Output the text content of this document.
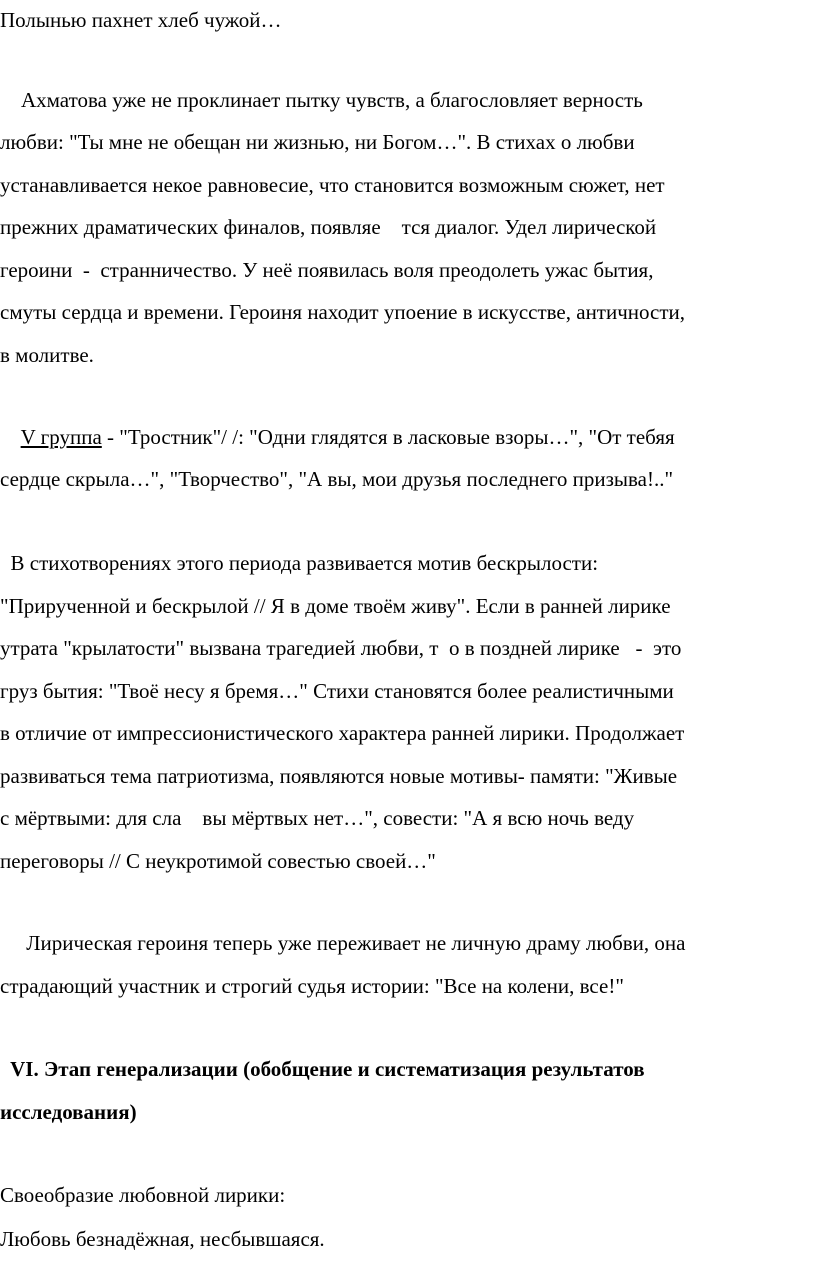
Полынью пахнет хлеб чужой…
Ахматова уже не проклинает пытку чувств, а благословляет верность
любви: "Ты мне не обещан ни жизнью, ни Богом…". В стихах о любви
устанавливается некое равновесие, что становится возможным сюжет, нет
прежних драматических финалов, появляе    тся диалог. Удел лирической
героини  -  странничество. У неё появилась воля преодолеть ужас бытия,
смуты сердца и времени. Героиня находит упоение в искусстве, античности,
в молитве.
V группа - "Тростник"/ /: "Одни глядятся в ласковые взоры…", "От тебяя
сердце скрыла…", "Творчество", "А вы, мои друзья последнего призыва!.."
В стихотворениях этого периода развивается мотив бескрылости:
"Прирученной и бескрылой // Я в доме твоём живу". Если в ранней лирике
утрата "крылатости" вызвана трагедией любви, т  о в поздней лирике   -  это
груз бытия: "Твоё несу я бремя…" Стихи становятся более реалистичными
в отличие от импрессионистического характера ранней лирики. Продолжает
развиваться тема патриотизма, появляются новые мотивы- памяти: "Живые
с мёртвыми: для сла    вы мёртвых нет…", совести: "А я всю ночь веду
переговоры // С неукротимой совестью своей…"
Лирическая героиня теперь уже переживает не личную драму любви, она
страдающий участник и строгий судья истории: "Все на колени, все!"
VI. Этап генерализации (обобщение и систематизация результатов
исследования)
Своеобразие любовной лирики:
Любовь безнадёжная, несбывшаяся.
